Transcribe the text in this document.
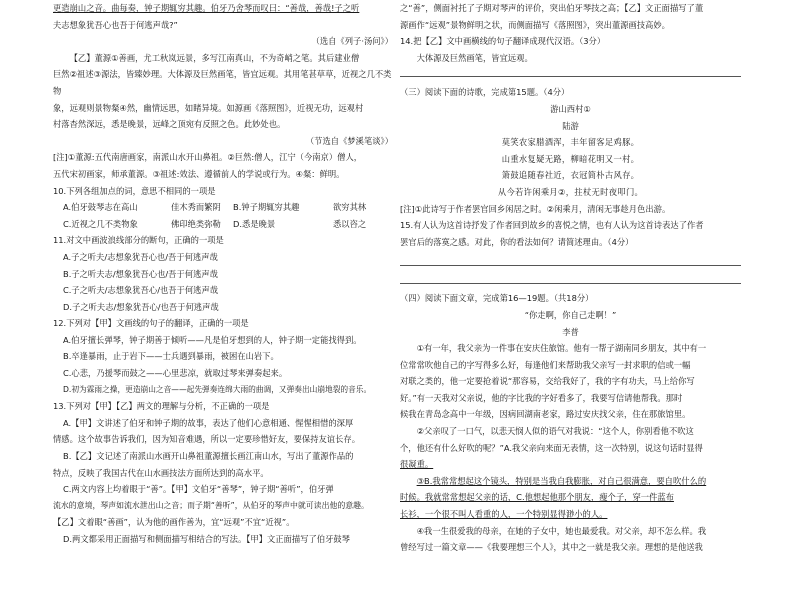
更造崩山之音。曲每奏，钟子期辄穷其趣。伯牙乃舍琴而叹曰：“善哉，善哉!子之听

夫志想象犹吾心也吾于何逃声哉?”

（选自《列子·汤问》）

【乙】董源①善画，尤工秋岚远景，多写江南真山，不为奇峭之笔。其后建业僧

巨然②祖述③源法，皆臻妙理。大体源及巨然画笔，皆宜远观。其用笔甚草草，近视之几不类物

象，远观则景物粲④然，幽情远思，如睹异境。如源画《落照图》，近视无功，远观村

村落杳然深远，悉是晚景，远峰之顶宛有反照之色。此妙处也。

（节选自《梦溪笔谈》）

[注]①董源:五代南唐画家，南派山水开山鼻祖。②巨然:僧人，江宁（今南京）僧人，

五代宋初画家，师承董源。③祖述:效法、遵循前人的学说或行为。④粲：鲜明。

10.下列各组加点的词，意思不相同的一项是

A.伯牙鼓琴志在高山	佳木秀而繁阴	B.钟子期辄穷其趣	欲穷其林
C.近视之几不类物象	佛印绝类弥勒	D.悉是晚景	悉以咨之

11.对文中画波浪线部分的断句，正确的一项是

A.子之听夫/志想象犹吾心也/吾于何逃声哉

B.子之听夫志/想象犹吾心也/吾于何逃声哉

C.子之听夫/志想象犹吾心/也吾于何逃声哉

D.子之听夫志/想象犹吾心/也吾于何逃声哉

12.下列对【甲】文画线的句子的翻译，正确的一项是

A.伯牙擅长弹琴，钟子期善于倾听——凡是伯牙想到的人，钟子期一定能找得到。

B.卒逢暴雨，止于岩下——士兵遇到暴雨，被困在山岩下。

C.心悲，乃援琴而鼓之——心里悲凉，就取过琴来弹奏起来。

D.初为霖雨之操，更造崩山之音——起先弹奏连绵大雨的曲调，又弹奏出山崩地裂的音乐。

13.下列对【甲】【乙】两文的理解与分析，不正确的一项是

A.【甲】文讲述了伯牙和钟子期的故事，表达了他们心意相通、惺惺相惜的深厚

情感。这个故事告诉我们，因为知音难遇，所以一定要珍惜好友，要保持友谊长存。

B.【乙】文记述了南派山水画开山鼻祖董源擅长画江南山水，写出了董源作品的

特点，反映了我国古代在山水画技法方面所达到的高水平。

C.两文内容上均着眼于“善”。【甲】文伯牙“善琴”，钟子期“善听”，伯牙弹

流水的意境，琴声如流水泄出山之音；而子期“善听”，从伯牙的琴声中就可读出他的意趣。

【乙】文着眼“善画”，认为他的画作善为，宜“远观”不宜“近视”。

D.两文都采用正面描写和侧面描写相结合的写法。【甲】文正面描写了伯牙鼓琴

之“善”，侧面衬托了子期对琴声的评价，突出伯牙琴技之高；【乙】文正面描写了董

源画作“远观”景物鲜明之状，而侧面描写《落照图》，突出董源画技高妙。

14.把【乙】文中画横线的句子翻译成现代汉语。（3分）

大体源及巨然画笔，皆宜远观。

（三）阅读下面的诗歌，完成第15题。（4分）

游山西村①

陆游

莫笑农家腊酒浑，丰年留客足鸡豚。

山重水复疑无路，柳暗花明又一村。

箫鼓追随春社近，衣冠简朴古风存。

从今若许闲乘月②，拄杖无时夜叩门。

[注]①此诗写于作者罢官回乡闲居之时。②闲乘月，清闲无事趁月色出游。

15.有人认为这首诗抒发了作者回到故乡的喜悦之情，也有人认为这首诗表达了作者

罢官后的落寞之感。对此，你的看法如何？请简述理由。（4分）

（四）阅读下面文章，完成第16—19题。（共18分）

“你走啊，你自己走啊！”

李普

①有一年，我父亲为一件事在安庆住旅馆。他有一帮子湖南同乡朋友，其中有一

位常常吹他自己的字写得多么好，每逢他们来帮助我父亲写一封求职的信或一幅

对联之类的，他一定要抢着说“那容易，交给我好了，我的字有功夫，马上给你写

好。”有一天我对父亲说，他的字比我的字好看多了，我要写信请他帮我。那时

候我在青岛念高中一年级，因病回湖南老家，路过安庆找父亲，住在那旅馆里。

②父亲叹了一口气，以悲天悯人似的语气对我说：“这个人，你别看他不吹这

个，他还有什么好吹的呢？”A.我父亲向来面无表情，这一次特别，说这句话时显得

很凝重。

③B.我常常想起这个镜头，特别是当我自我膨胀，对自己很满意，要自吹什么的

时候。我就常常想起父亲的话，C.他想起他那个朋友，瘦个子，穿一件蓝布

长衫，一个很不叫人看重的人，一个特别显得渺小的人。

④我一生很爱我的母亲，在她的子女中，她也最爱我。对父亲，却不怎么样。我

曾经写过一篇文章——《我要理想三个人》，其中之一就是我父亲。理想的是他送我
